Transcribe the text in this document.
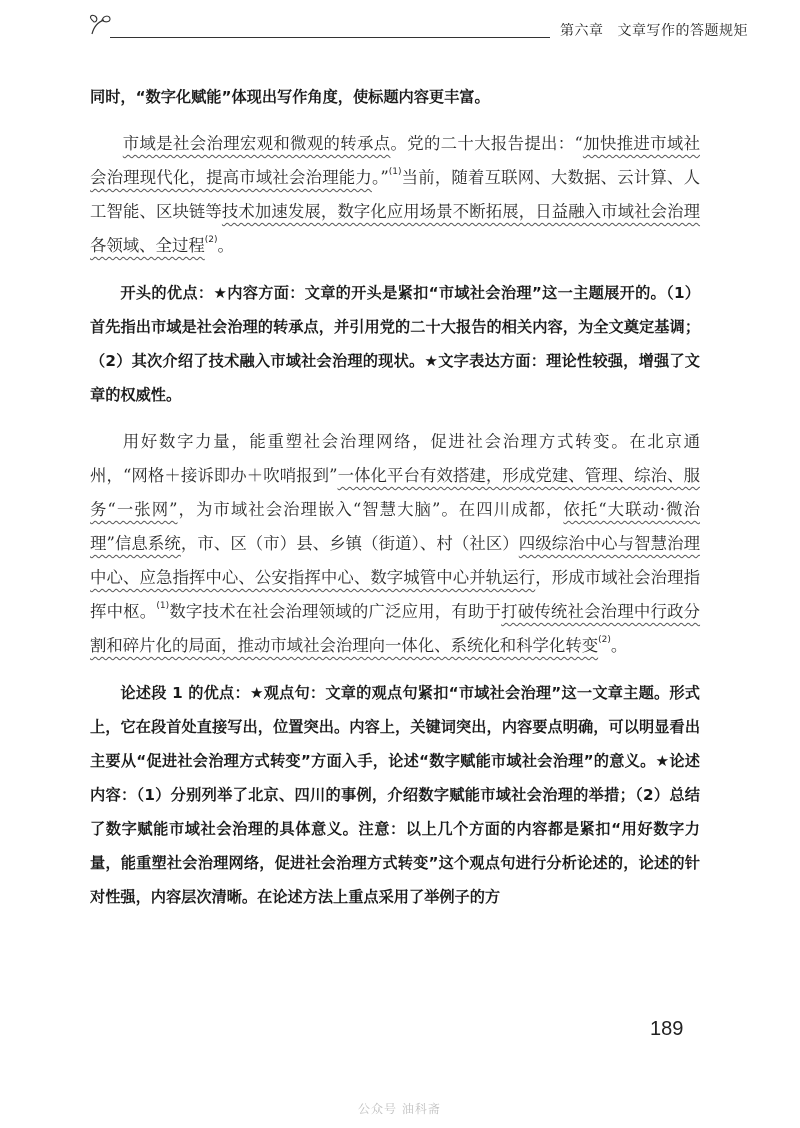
第六章 文章写作的答题规矩

同时，“数字化赋能”体现出写作角度，使标题内容更丰富。

市域是社会治理宏观和微观的转承点。党的二十大报告提出：“加快推进市域社会治理现代化，提高市域社会治理能力。”$^{(1)}$当前，随着互联网、大数据、云计算、人工智能、区块链等技术加速发展，数字化应用场景不断拓展，日益融入市域社会治理各领域、全过程$^{(2)}$。

开头的优点：★内容方面：文章的开头是紧扣“市域社会治理”这一主题展开的。（1）首先指出市域是社会治理的转承点，并引用党的二十大报告的相关内容，为全文奠定基调；（2）其次介绍了技术融入市域社会治理的现状。★文字表达方面：理论性较强，增强了文章的权威性。

用好数字力量，能重塑社会治理网络，促进社会治理方式转变。在北京通州，“网格＋接诉即办＋吹哨报到”一体化平台有效搭建，形成党建、管理、综治、服务“一张网”，为市域社会治理嵌入“智慧大脑”。在四川成都，依托“大联动·微治理”信息系统，市、区（市）县、乡镇（街道）、村（社区）四级综治中心与智慧治理中心、应急指挥中心、公安指挥中心、数字城管中心并轨运行，形成市域社会治理指挥中枢。$^{(1)}$数字技术在社会治理领域的广泛应用，有助于打破传统社会治理中行政分割和碎片化的局面，推动市域社会治理向一体化、系统化和科学化转变$^{(2)}$。

论述段 1 的优点：★观点句：文章的观点句紧扣“市域社会治理”这一文章主题。形式上，它在段首处直接写出，位置突出。内容上，关键词突出，内容要点明确，可以明显看出主要从“促进社会治理方式转变”方面入手，论述“数字赋能市域社会治理”的意义。★论述内容：（1）分别列举了北京、四川的事例，介绍数字赋能市域社会治理的举措；（2）总结了数字赋能市域社会治理的具体意义。注意：以上几个方面的内容都是紧扣“用好数字力量，能重塑社会治理网络，促进社会治理方式转变”这个观点句进行分析论述的，论述的针对性强，内容层次清晰。在论述方法上重点采用了举例子的方

189
公众号 油科斋
